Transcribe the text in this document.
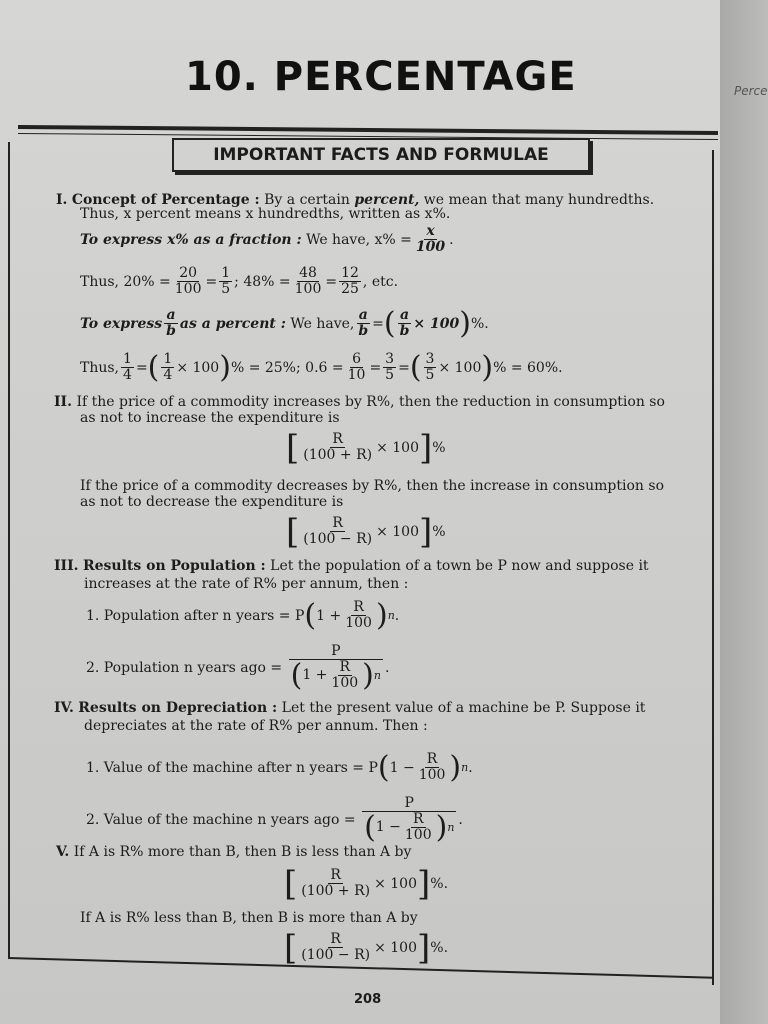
Perce
10. PERCENTAGE
IMPORTANT FACTS AND FORMULAE
I. Concept of Percentage : By a certain percent, we mean that many hundredths.
Thus, x percent means x hundredths, written as x%.
To express x% as a fraction :
We have, $x\% = \frac{x}{100}$ .
Thus, $20\% = \frac{20}{100} = \frac{1}{5}$ ; $48\% = \frac{48}{100} = \frac{12}{25}$ , etc.
To express $\frac{a}{b}$ as a percent :
We have, $\frac{a}{b}$ = ( $\frac{a}{b} \times 100$ ) %.
Thus, $\frac{1}{4}$ = ( $\frac{1}{4} \times 100$ ) % = 25%; $0.6 = \frac{6}{10} = \frac{3}{5}$ = ( $\frac{3}{5} \times 100$ ) % = 60%.
II. If the price of a commodity increases by R%, then the reduction in consumption so
as not to increase the expenditure is
[ $\frac{R}{(100 + R)} \times 100$ ] %
If the price of a commodity decreases by R%, then the increase in consumption so
as not to decrease the expenditure is
[ $\frac{R}{(100 - R)} \times 100$ ] %
III. Results on Population : Let the population of a town be P now and suppose it
increases at the rate of R% per annum, then :
1. Population after n years = P ( $1 + \frac{R}{100}$ ) n .
2. Population n years ago =
$\frac{P}{( 1 + \frac{R}{100} ) n}$ .
IV. Results on Depreciation : Let the present value of a machine be P. Suppose it
depreciates at the rate of R% per annum. Then :
1. Value of the machine after n years = P ( $1 - \frac{R}{100}$ ) n .
2. Value of the machine n years ago =
$\frac{P}{( 1 - \frac{R}{100} ) n}$ .
V. If A is R% more than B, then B is less than A by
[ $\frac{R}{(100 + R)} \times 100$ ] %.
If A is R% less than B, then B is more than A by
[ $\frac{R}{(100 - R)} \times 100$ ] %.
208
